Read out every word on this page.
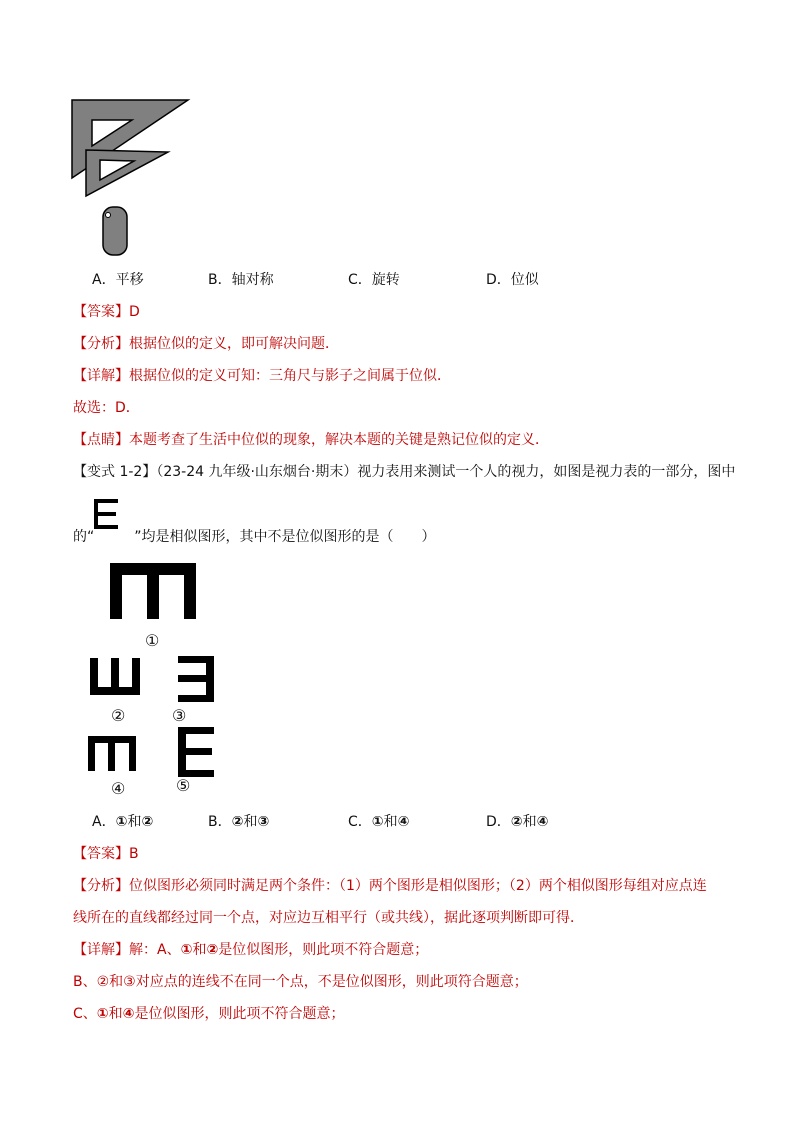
A．平移	B．轴对称	C．旋转	D．位似
【答案】D
【分析】根据位似的定义，即可解决问题．
【详解】根据位似的定义可知：三角尺与影子之间属于位似．
故选：D．
【点睛】本题考查了生活中位似的现象，解决本题的关键是熟记位似的定义．
【变式 1-2】（23-24 九年级·山东烟台·期末）视力表用来测试一个人的视力，如图是视力表的一部分，图中
的“	”均是相似图形，其中不是位似图形的是（　　）
①
②	③
④	⑤
A．①和②	B．②和③	C．①和④	D．②和④
【答案】B
【分析】位似图形必须同时满足两个条件：（1）两个图形是相似图形；（2）两个相似图形每组对应点连
线所在的直线都经过同一个点，对应边互相平行（或共线），据此逐项判断即可得．
【详解】解：A、①和②是位似图形，则此项不符合题意；
B、②和③对应点的连线不在同一个点，不是位似图形，则此项符合题意；
C、①和④是位似图形，则此项不符合题意；
